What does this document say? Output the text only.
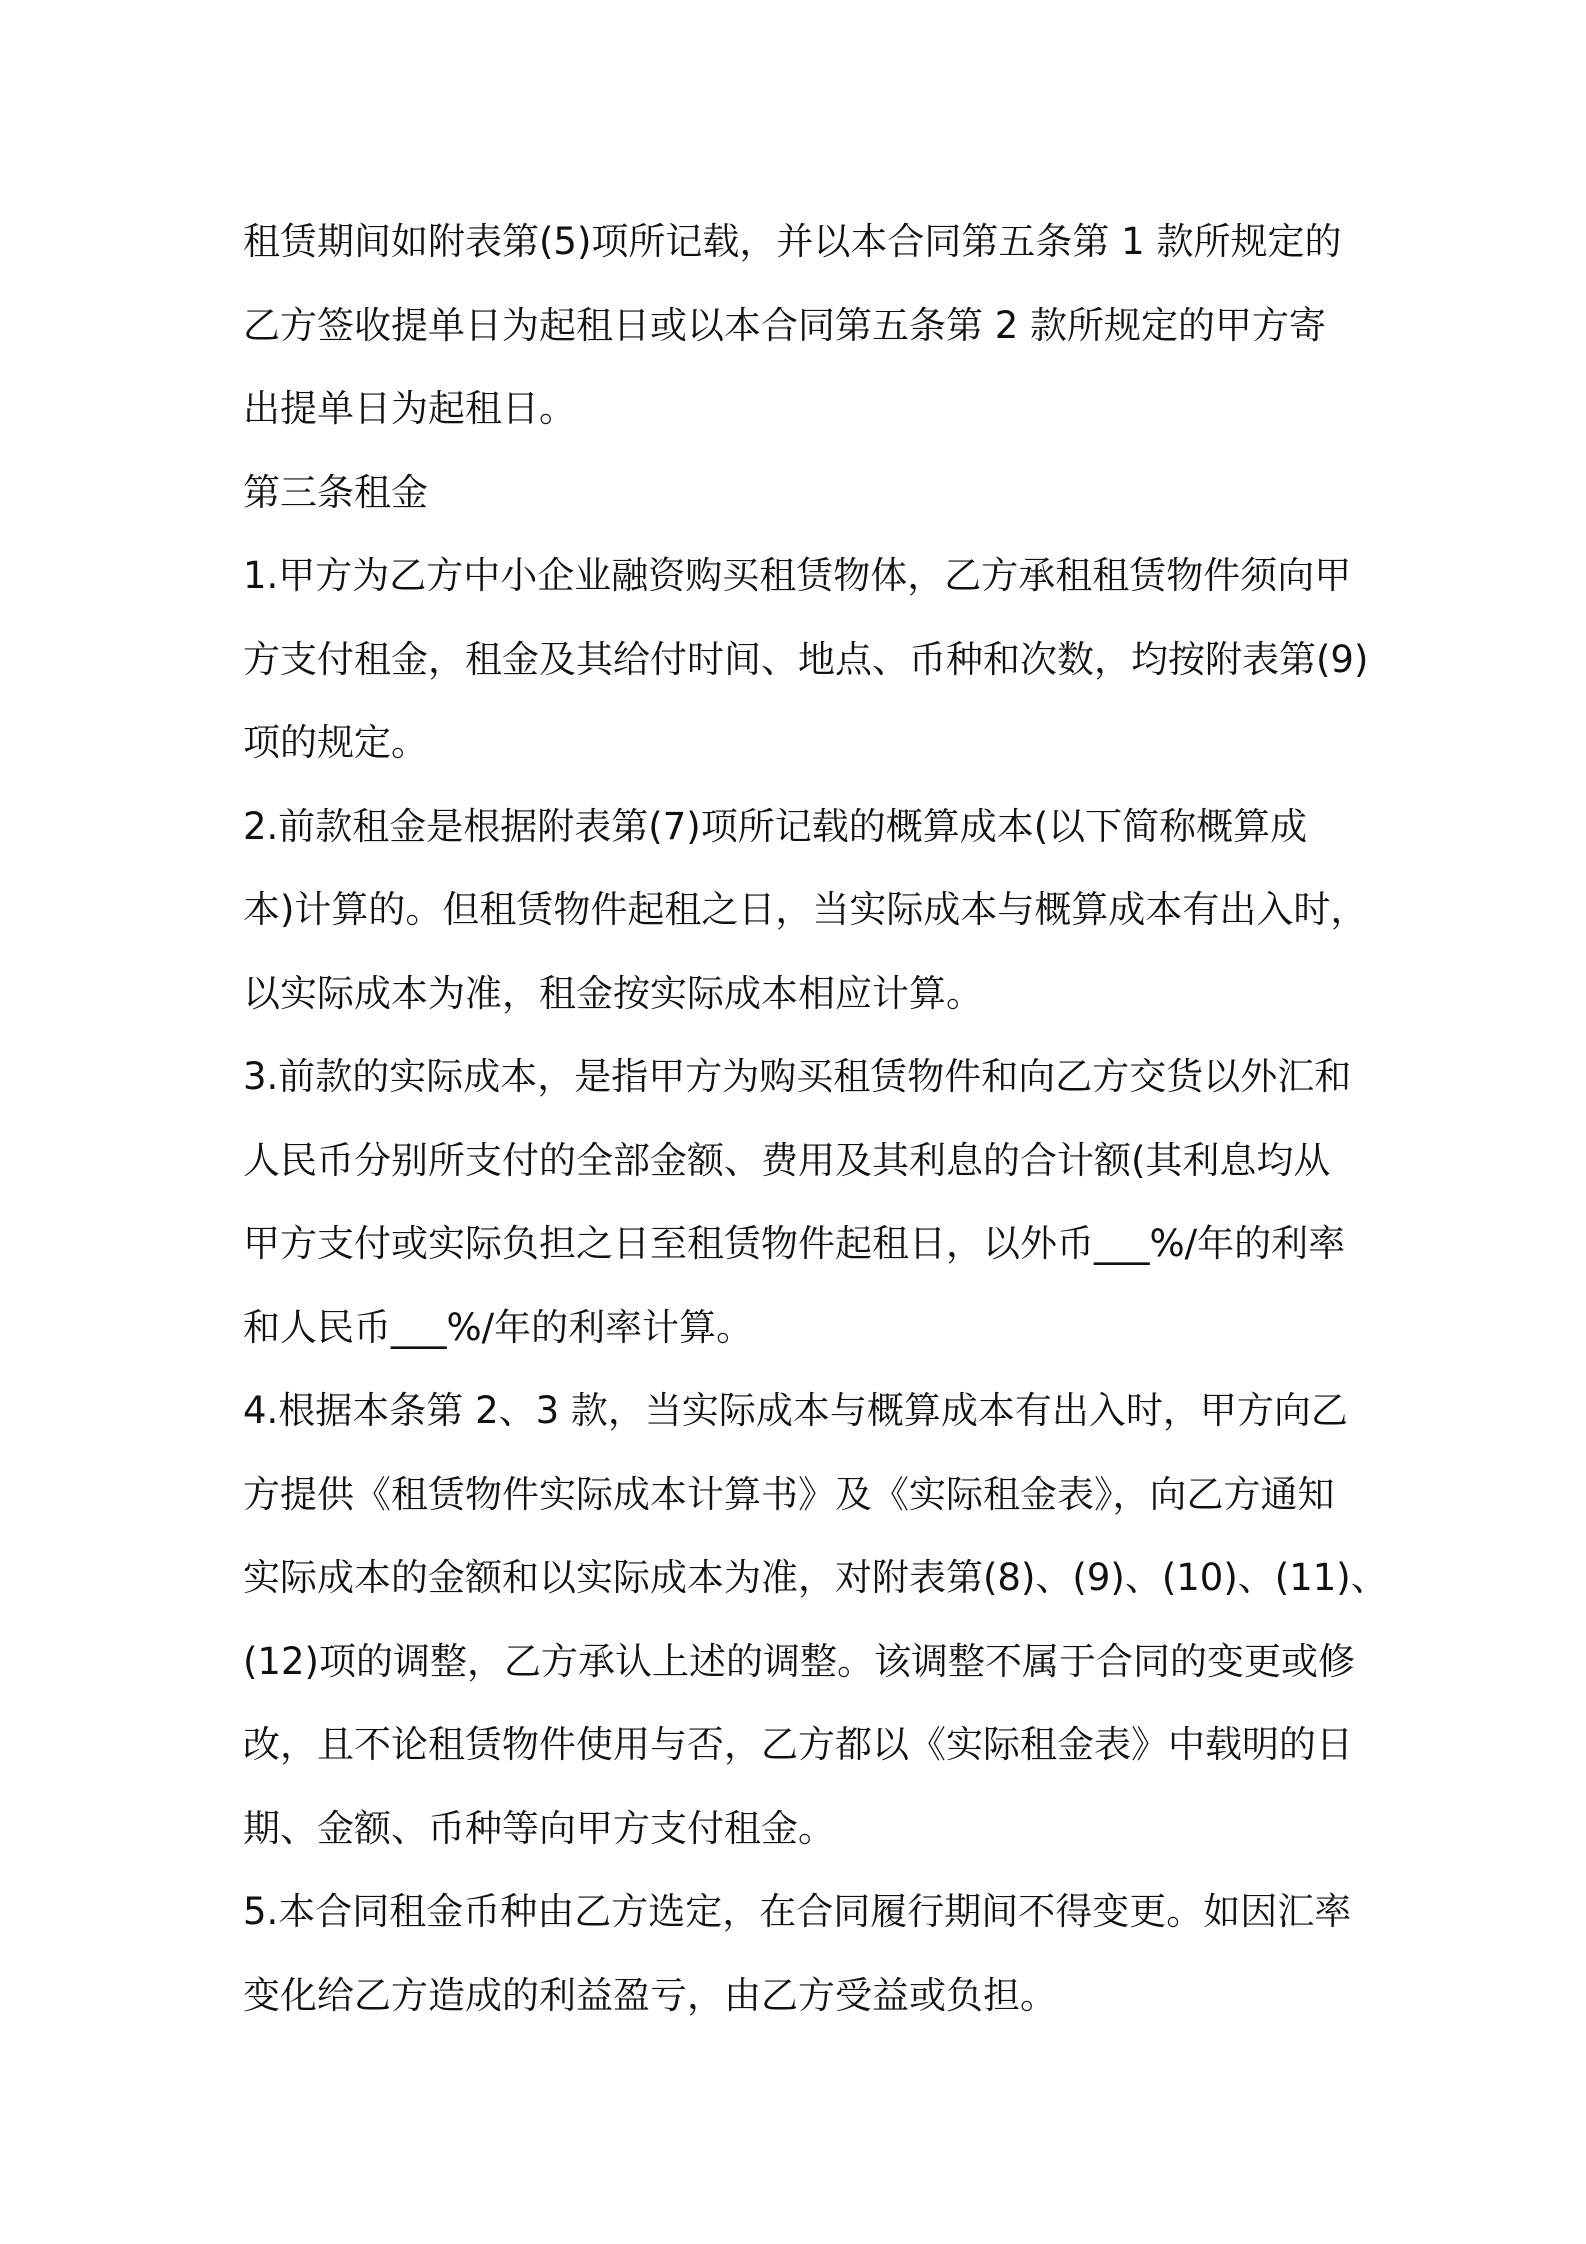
租赁期间如附表第(5)项所记载，并以本合同第五条第 1 款所规定的
乙方签收提单日为起租日或以本合同第五条第 2 款所规定的甲方寄
出提单日为起租日。
第三条租金
1.甲方为乙方中小企业融资购买租赁物体，乙方承租租赁物件须向甲
方支付租金，租金及其给付时间、地点、币种和次数，均按附表第(9)
项的规定。
2.前款租金是根据附表第(7)项所记载的概算成本(以下简称概算成
本)计算的。但租赁物件起租之日，当实际成本与概算成本有出入时，
以实际成本为准，租金按实际成本相应计算。
3.前款的实际成本，是指甲方为购买租赁物件和向乙方交货以外汇和
人民币分别所支付的全部金额、费用及其利息的合计额(其利息均从
甲方支付或实际负担之日至租赁物件起租日，以外币___%/年的利率
和人民币___%/年的利率计算。
4.根据本条第 2、3 款，当实际成本与概算成本有出入时，甲方向乙
方提供《租赁物件实际成本计算书》及《实际租金表》，向乙方通知
实际成本的金额和以实际成本为准，对附表第(8)、(9)、(10)、(11)、
(12)项的调整，乙方承认上述的调整。该调整不属于合同的变更或修
改，且不论租赁物件使用与否，乙方都以《实际租金表》中载明的日
期、金额、币种等向甲方支付租金。
5.本合同租金币种由乙方选定，在合同履行期间不得变更。如因汇率
变化给乙方造成的利益盈亏，由乙方受益或负担。
